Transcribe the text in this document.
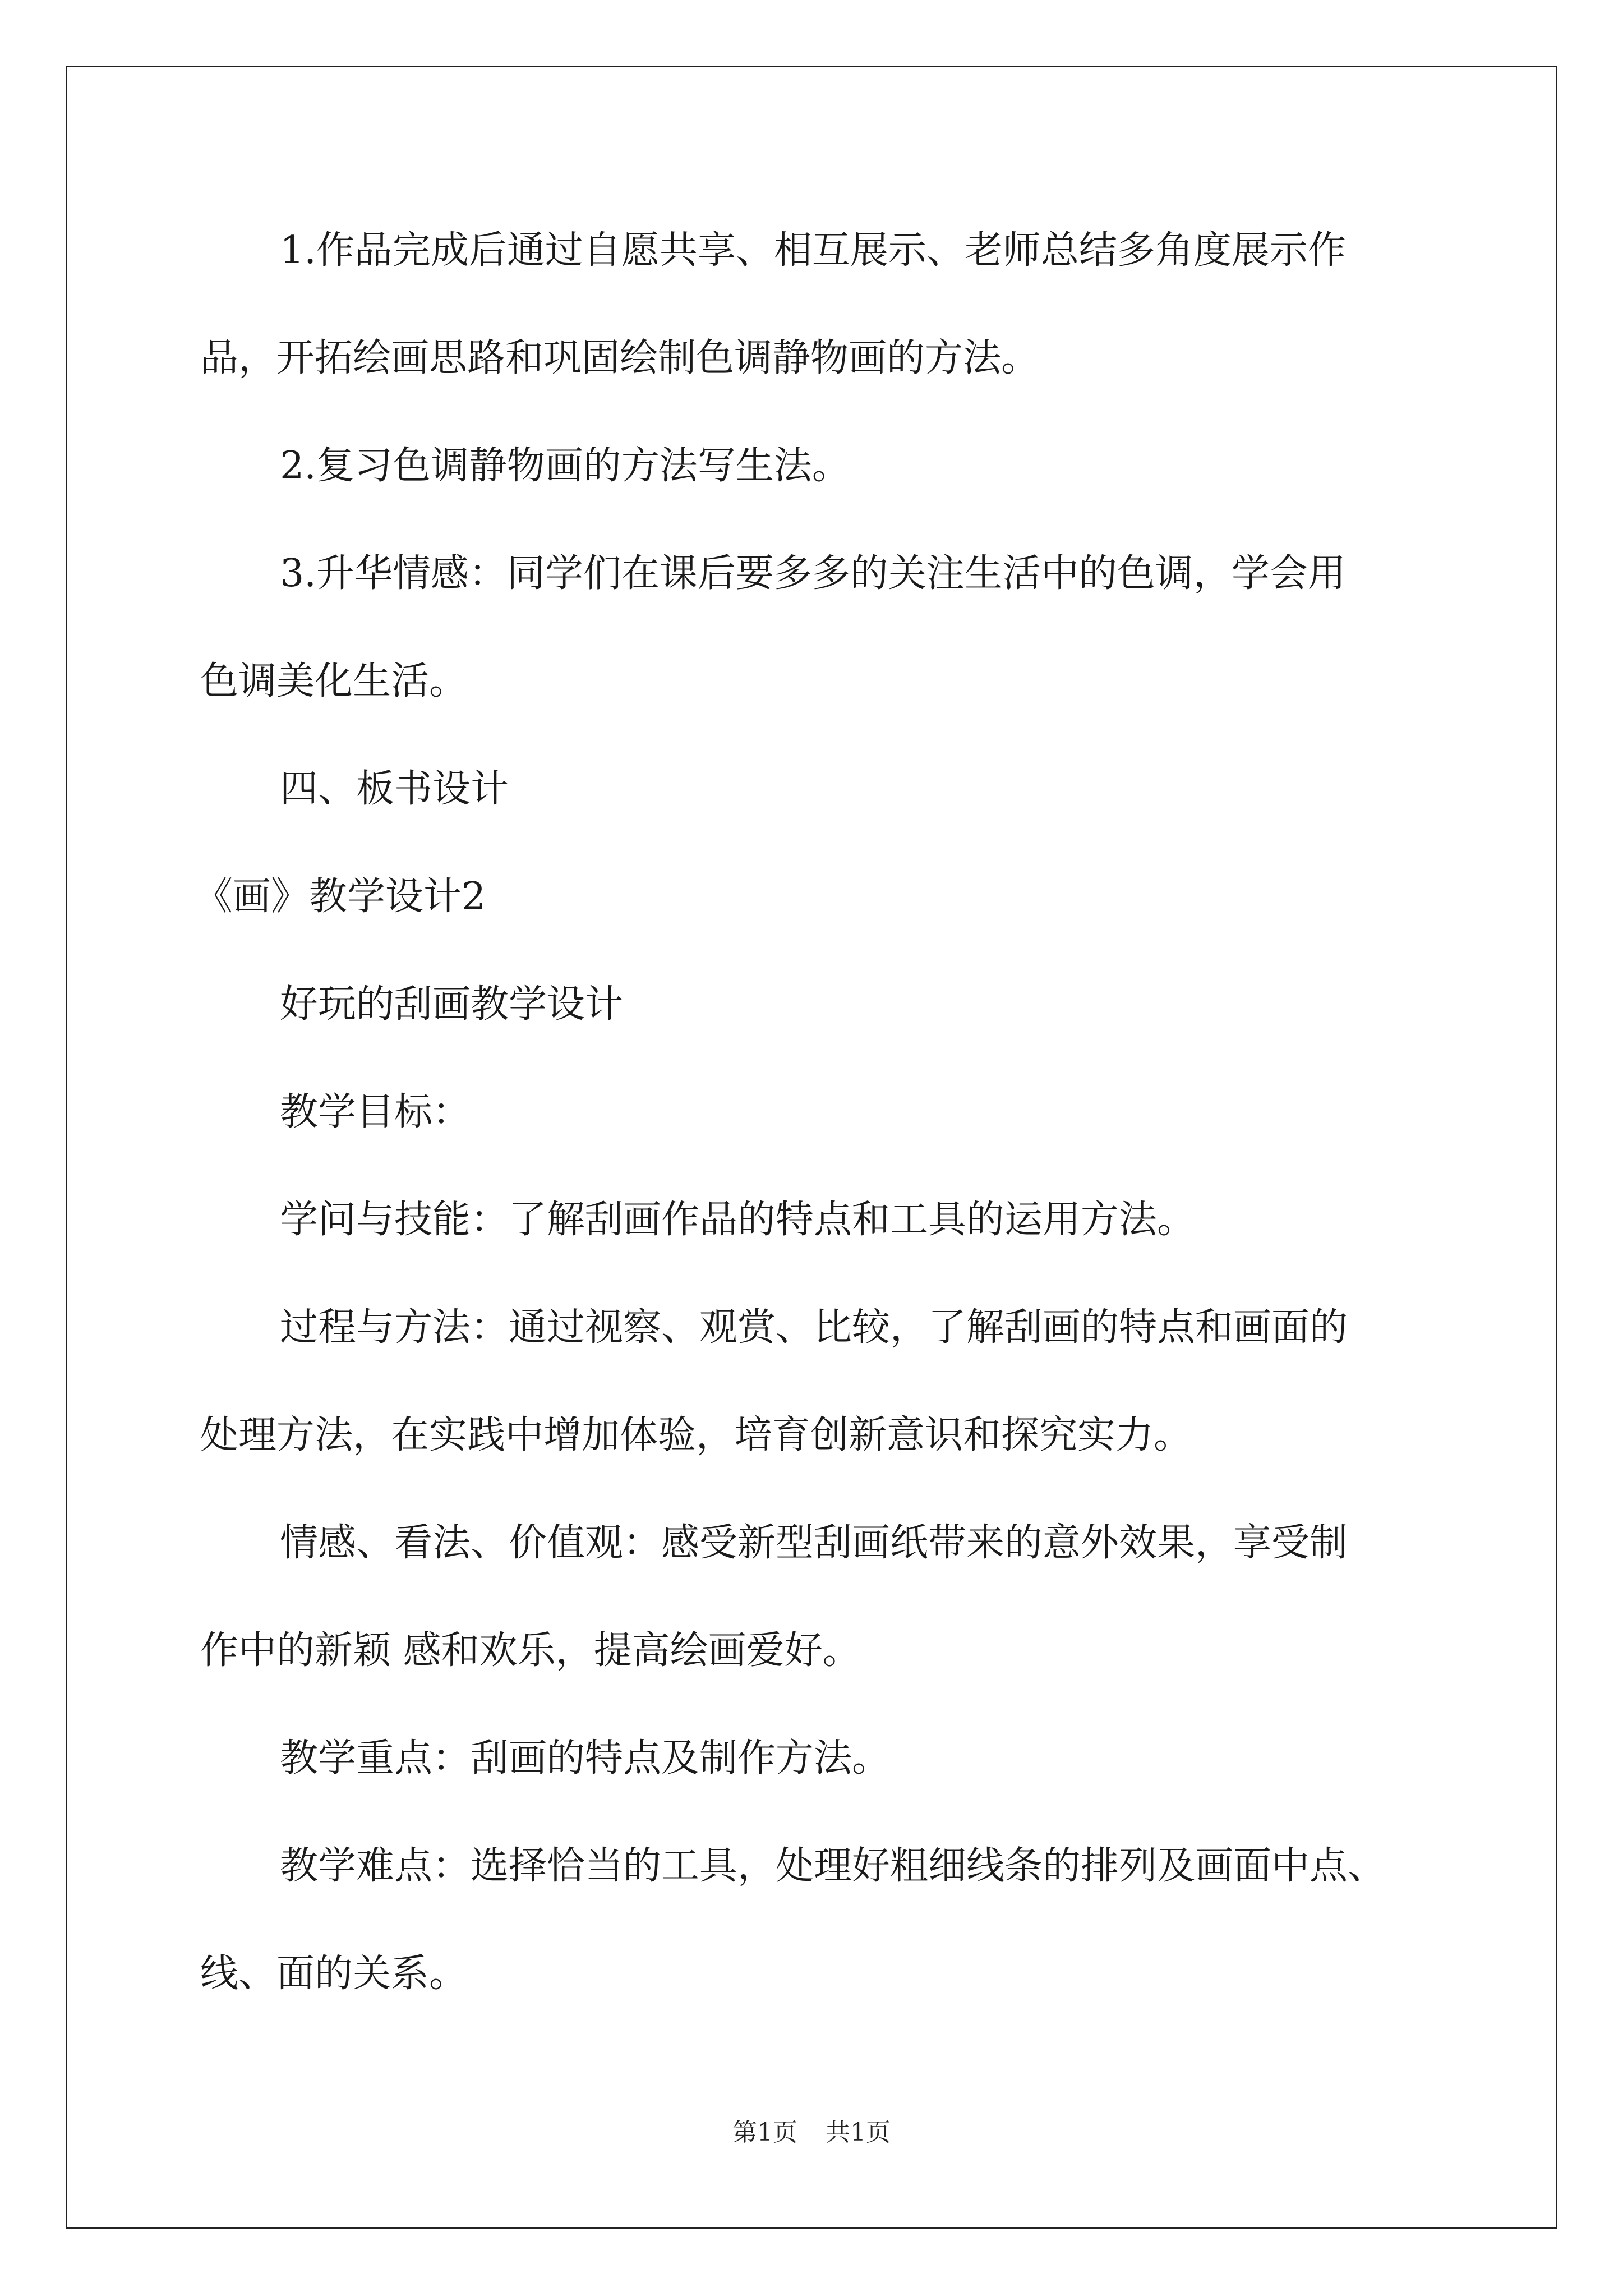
1.作品完成后通过自愿共享、相互展示、老师总结多角度展示作
品，开拓绘画思路和巩固绘制色调静物画的方法。
2.复习色调静物画的方法写生法。
3.升华情感：同学们在课后要多多的关注生活中的色调，学会用
色调美化生活。
四、板书设计
《画》教学设计2
好玩的刮画教学设计
教学目标：
学问与技能：了解刮画作品的特点和工具的运用方法。
过程与方法：通过视察、观赏、比较，了解刮画的特点和画面的
处理方法，在实践中增加体验，培育创新意识和探究实力。
情感、看法、价值观：感受新型刮画纸带来的意外效果，享受制
作中的新颖 感和欢乐，提高绘画爱好。
教学重点：刮画的特点及制作方法。
教学难点：选择恰当的工具，处理好粗细线条的排列及画面中点、
线、面的关系。
第1页 共1页
